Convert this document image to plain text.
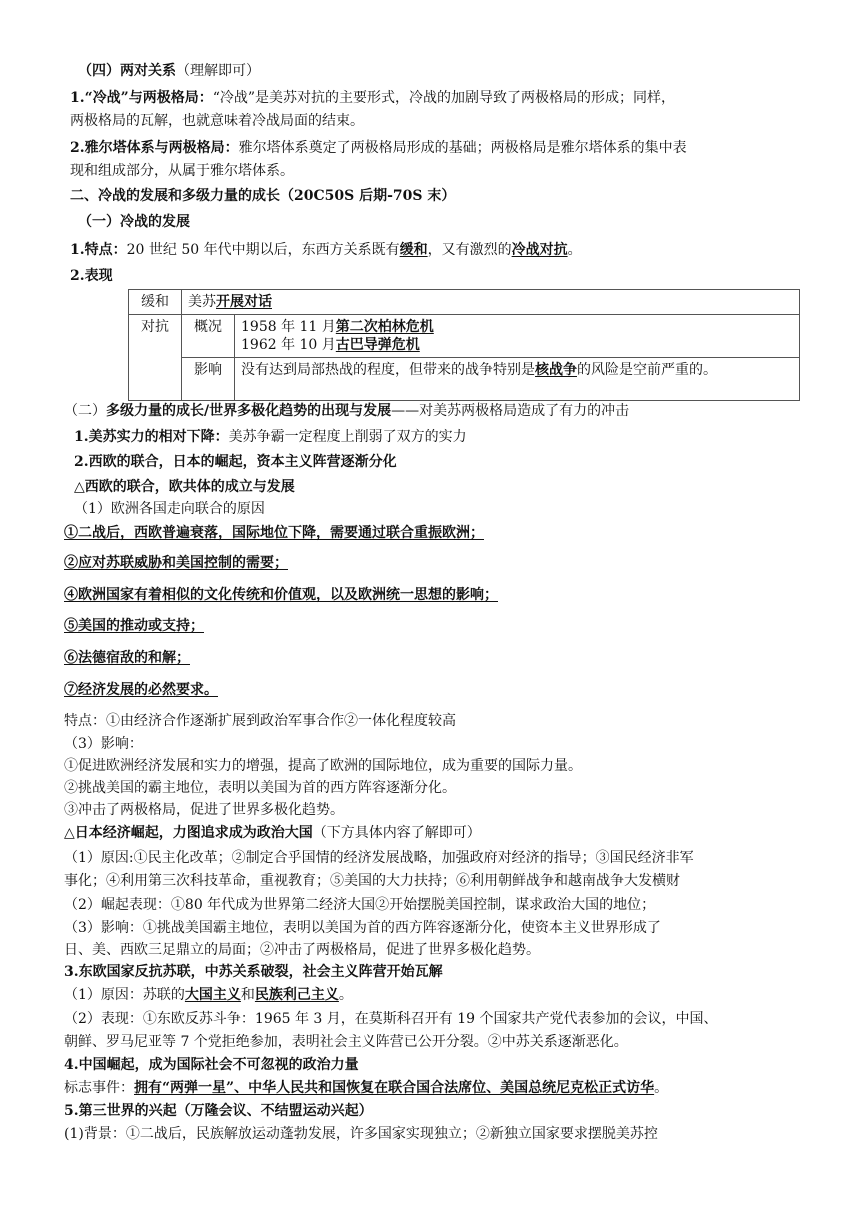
（四）两对关系（理解即可）
1.“冷战”与两极格局：“冷战”是美苏对抗的主要形式，冷战的加剧导致了两极格局的形成；同样，
两极格局的瓦解，也就意味着冷战局面的结束。
2.雅尔塔体系与两极格局：雅尔塔体系奠定了两极格局形成的基础；两极格局是雅尔塔体系的集中表
现和组成部分，从属于雅尔塔体系。
二、冷战的发展和多级力量的成长（20C50S 后期-70S 末）
（一）冷战的发展
1.特点：20 世纪 50 年代中期以后，东西方关系既有缓和，又有激烈的冷战对抗。
2.表现
缓和	美苏开展对话	
对抗	概况	1958 年 11 月第二次柏林危机
1962 年 10 月古巴导弹危机

	影响	没有达到局部热战的程度，但带来的战争特别是核战争的风险是空前严重的。
（二）多级力量的成长/世界多极化趋势的出现与发展——对美苏两极格局造成了有力的冲击
1.美苏实力的相对下降：美苏争霸一定程度上削弱了双方的实力
2.西欧的联合，日本的崛起，资本主义阵营逐渐分化
△西欧的联合，欧共体的成立与发展
（1）欧洲各国走向联合的原因
①二战后，西欧普遍衰落，国际地位下降，需要通过联合重振欧洲；
②应对苏联威胁和美国控制的需要；
④欧洲国家有着相似的文化传统和价值观，以及欧洲统一思想的影响；
⑤美国的推动或支持；
⑥法德宿敌的和解；
⑦经济发展的必然要求。
特点：①由经济合作逐渐扩展到政治军事合作②一体化程度较高
（3）影响：
①促进欧洲经济发展和实力的增强，提高了欧洲的国际地位，成为重要的国际力量。
②挑战美国的霸主地位，表明以美国为首的西方阵容逐渐分化。
③冲击了两极格局，促进了世界多极化趋势。
△日本经济崛起，力图追求成为政治大国（下方具体内容了解即可）
（1）原因:①民主化改革；②制定合乎国情的经济发展战略，加强政府对经济的指导；③国民经济非军
事化；④利用第三次科技革命，重视教育；⑤美国的大力扶持；⑥利用朝鲜战争和越南战争大发横财
（2）崛起表现：①80 年代成为世界第二经济大国②开始摆脱美国控制，谋求政治大国的地位；
（3）影响：①挑战美国霸主地位，表明以美国为首的西方阵容逐渐分化，使资本主义世界形成了
日、美、西欧三足鼎立的局面；②冲击了两极格局，促进了世界多极化趋势。
3.东欧国家反抗苏联，中苏关系破裂，社会主义阵营开始瓦解
（1）原因：苏联的大国主义和民族利己主义。
（2）表现：①东欧反苏斗争：1965 年 3 月，在莫斯科召开有 19 个国家共产党代表参加的会议，中国、
朝鲜、罗马尼亚等 7 个党拒绝参加，表明社会主义阵营已公开分裂。②中苏关系逐渐恶化。
4.中国崛起，成为国际社会不可忽视的政治力量
标志事件：拥有“两弹一星”、中华人民共和国恢复在联合国合法席位、美国总统尼克松正式访华。
5.第三世界的兴起（万隆会议、不结盟运动兴起）
(1)背景：①二战后，民族解放运动蓬勃发展，许多国家实现独立；②新独立国家要求摆脱美苏控
